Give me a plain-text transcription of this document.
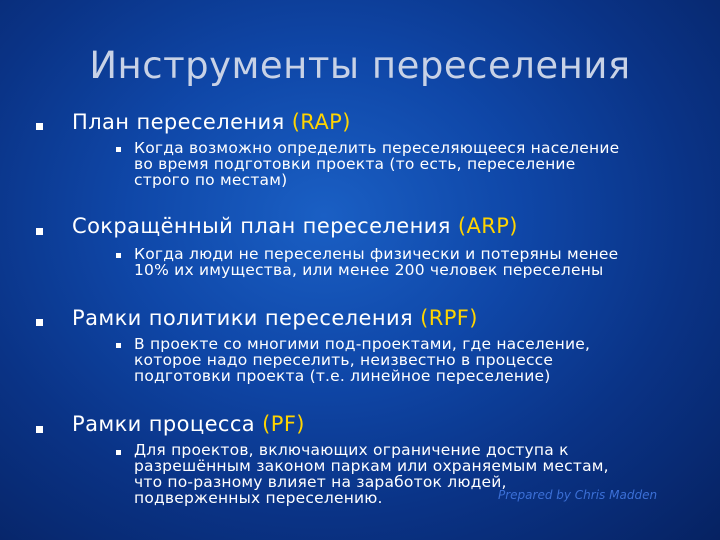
Инструменты переселения
План переселения (RAP)
Когда возможно определить переселяющееся население
во время подготовки проекта (то есть, переселение
строго по местам)
Сокращённый план переселения (ARP)
Когда люди не переселены физически и потеряны менее
10% их имущества, или менее 200 человек переселены
Рамки политики переселения (RPF)
В проекте со многими под-проектами, где население,
которое надо переселить, неизвестно в процессе
подготовки проекта (т.е. линейное переселение)
Рамки процесса (PF)
Для проектов, включающих ограничение доступа к
разрешённым законом паркам или охраняемым местам,
что по-разному влияет на заработок людей,
подверженных переселению.	Prepared by Chris Madden
